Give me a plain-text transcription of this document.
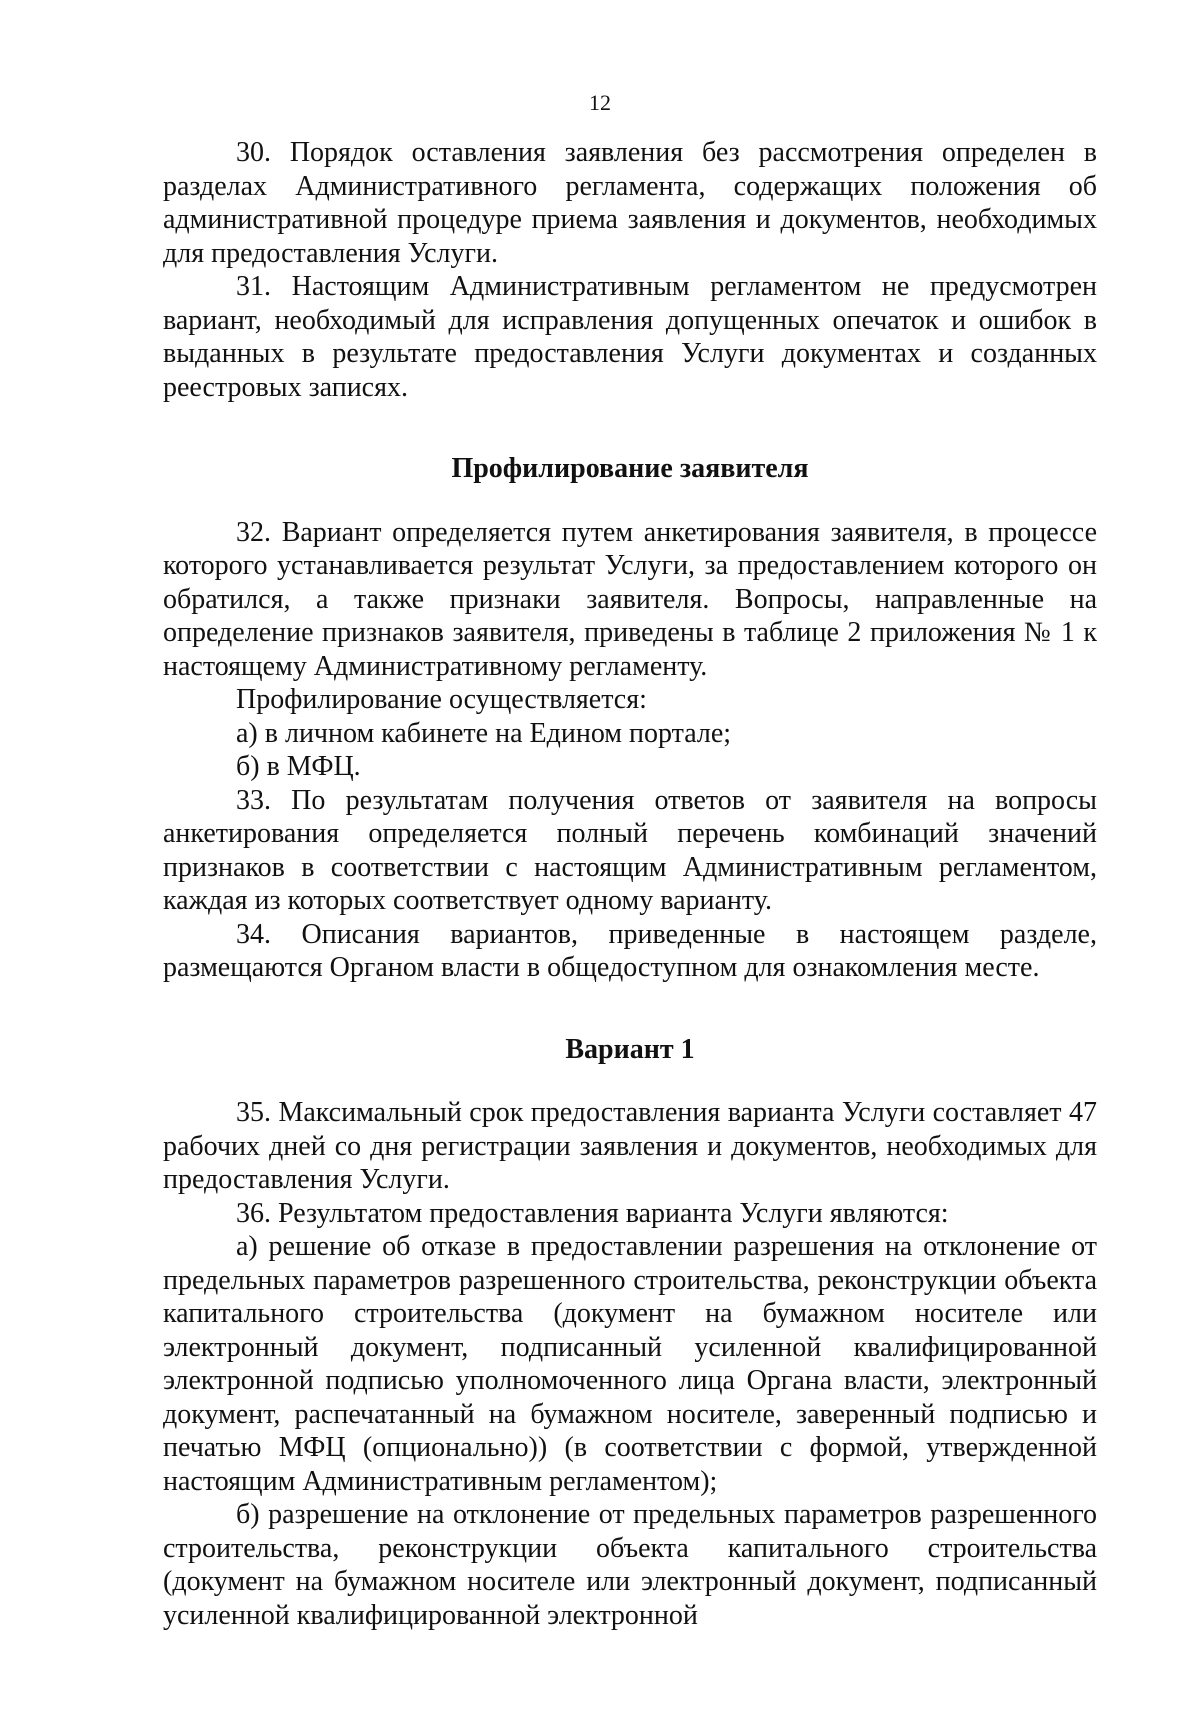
12

30. Порядок оставления заявления без рассмотрения определен в разделах Административного регламента, содержащих положения об административной процедуре приема заявления и документов, необходимых для предоставления Услуги.

31. Настоящим Административным регламентом не предусмотрен вариант, необходимый для исправления допущенных опечаток и ошибок в выданных в результате предоставления Услуги документах и созданных реестровых записях.

Профилирование заявителя

32. Вариант определяется путем анкетирования заявителя, в процессе которого устанавливается результат Услуги, за предоставлением которого он обратился, а также признаки заявителя. Вопросы, направленные на определение признаков заявителя, приведены в таблице 2 приложения № 1 к настоящему Административному регламенту.

Профилирование осуществляется:

а) в личном кабинете на Едином портале;

б) в МФЦ.

33. По результатам получения ответов от заявителя на вопросы анкетирования определяется полный перечень комбинаций значений признаков в соответствии с настоящим Административным регламентом, каждая из которых соответствует одному варианту.

34. Описания вариантов, приведенные в настоящем разделе, размещаются Органом власти в общедоступном для ознакомления месте.

Вариант 1

35. Максимальный срок предоставления варианта Услуги составляет 47 рабочих дней со дня регистрации заявления и документов, необходимых для предоставления Услуги.

36. Результатом предоставления варианта Услуги являются:

а) решение об отказе в предоставлении разрешения на отклонение от предельных параметров разрешенного строительства, реконструкции объекта капитального строительства (документ на бумажном носителе или электронный документ, подписанный усиленной квалифицированной электронной подписью уполномоченного лица Органа власти, электронный документ, распечатанный на бумажном носителе, заверенный подписью и печатью МФЦ (опционально)) (в соответствии с формой, утвержденной настоящим Административным регламентом);

б) разрешение на отклонение от предельных параметров разрешенного строительства, реконструкции объекта капитального строительства (документ на бумажном носителе или электронный документ, подписанный усиленной квалифицированной электронной
